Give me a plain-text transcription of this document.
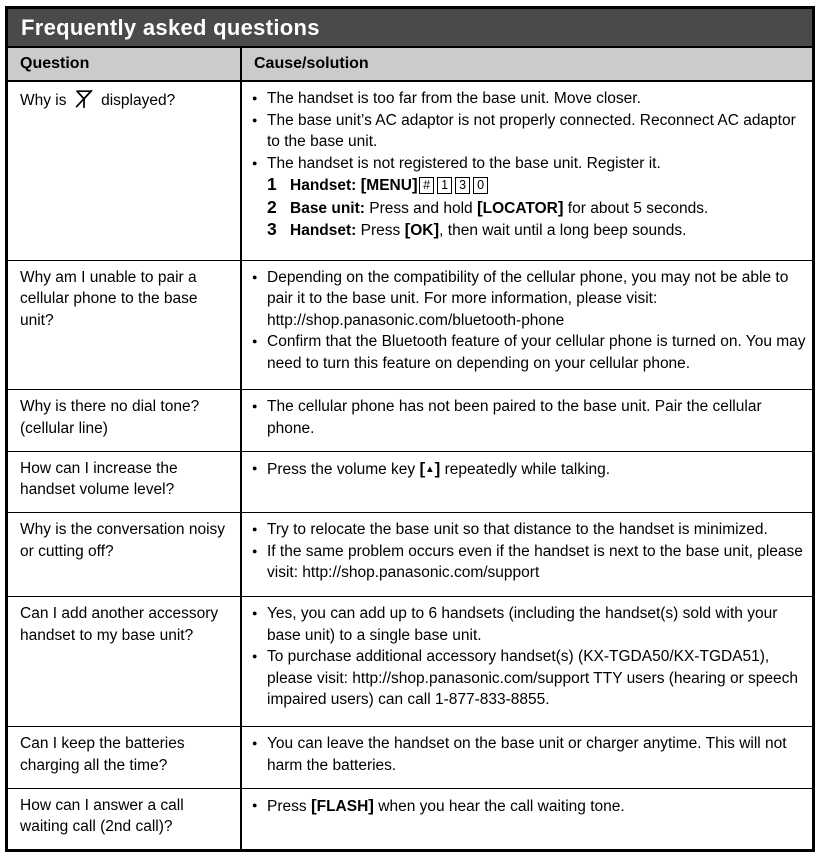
Frequently asked questions
Question	Cause/solution
Why is  displayed?	● The handset is too far from the base unit. Move closer.
● The base unit’s AC adaptor is not properly connected. Reconnect AC adaptor to the base unit.
● The handset is not registered to the base unit. Register it.
1 Handset: [MENU] # 1 3 0
2 Base unit: Press and hold [LOCATOR] for about 5 seconds.
3 Handset: Press [OK], then wait until a long beep sounds.

Why am I unable to pair a cellular phone to the base unit?	● Depending on the compatibility of the cellular phone, you may not be able to pair it to the base unit. For more information, please visit: http://shop.panasonic.com/bluetooth-phone
● Confirm that the Bluetooth feature of your cellular phone is turned on. You may need to turn this feature on depending on your cellular phone.

Why is there no dial tone? (cellular line)	● The cellular phone has not been paired to the base unit. Pair the cellular phone.

How can I increase the handset volume level?	● Press the volume key [▲] repeatedly while talking.

Why is the conversation noisy or cutting off?	● Try to relocate the base unit so that distance to the handset is minimized.
● If the same problem occurs even if the handset is next to the base unit, please visit: http://shop.panasonic.com/support

Can I add another accessory handset to my base unit?	● Yes, you can add up to 6 handsets (including the handset(s) sold with your base unit) to a single base unit.
● To purchase additional accessory handset(s) (KX-TGDA50/KX-TGDA51), please visit: http://shop.panasonic.com/support TTY users (hearing or speech impaired users) can call 1-877-833-8855.

Can I keep the batteries charging all the time?	● You can leave the handset on the base unit or charger anytime. This will not harm the batteries.

How can I answer a call waiting call (2nd call)?	● Press [FLASH] when you hear the call waiting tone.
